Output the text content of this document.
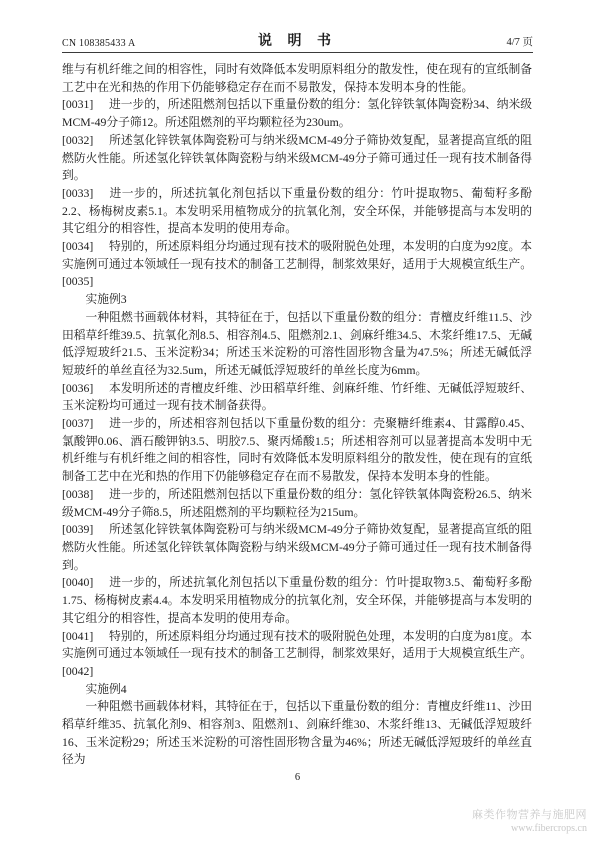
CN 108385433 A	说 明 书	4/7 页

维与有机纤维之间的相容性，同时有效降低本发明原料组分的散发性，使在现有的宣纸制备工艺中在光和热的作用下仍能够稳定存在而不易散发，保持本发明本身的性能。

[0031] 进一步的，所述阻燃剂包括以下重量份数的组分：氢化锌铁氧体陶瓷粉34、纳米级MCM-49分子筛12。所述阻燃剂的平均颗粒径为230um。

[0032] 所述氢化锌铁氧体陶瓷粉可与纳米级MCM-49分子筛协效复配，显著提高宣纸的阻燃防火性能。所述氢化锌铁氧体陶瓷粉与纳米级MCM-49分子筛可通过任一现有技术制备得到。

[0033] 进一步的，所述抗氧化剂包括以下重量份数的组分：竹叶提取物5、葡萄籽多酚2.2、杨梅树皮素5.1。本发明采用植物成分的抗氧化剂，安全环保，并能够提高与本发明的其它组分的相容性，提高本发明的使用寿命。

[0034] 特别的，所述原料组分均通过现有技术的吸附脱色处理，本发明的白度为92度。本实施例可通过本领域任一现有技术的制备工艺制得，制浆效果好，适用于大规模宣纸生产。

[0035]

实施例3

一种阻燃书画载体材料，其特征在于，包括以下重量份数的组分：青檀皮纤维11.5、沙田稻草纤维39.5、抗氧化剂8.5、相容剂4.5、阻燃剂2.1、剑麻纤维34.5、木浆纤维17.5、无碱低浮短玻纤21.5、玉米淀粉34；所述玉米淀粉的可溶性固形物含量为47.5%；所述无碱低浮短玻纤的单丝直径为32.5um，所述无碱低浮短玻纤的单丝长度为6mm。

[0036] 本发明所述的青檀皮纤维、沙田稻草纤维、剑麻纤维、竹纤维、无碱低浮短玻纤、玉米淀粉均可通过一现有技术制备获得。

[0037] 进一步的，所述相容剂包括以下重量份数的组分：壳聚糖纤维素4、甘露醇0.45、氯酸钾0.06、酒石酸钾钠3.5、明胶7.5、聚丙烯酸1.5；所述相容剂可以显著提高本发明中无机纤维与有机纤维之间的相容性，同时有效降低本发明原料组分的散发性，使在现有的宣纸制备工艺中在光和热的作用下仍能够稳定存在而不易散发，保持本发明本身的性能。

[0038] 进一步的，所述阻燃剂包括以下重量份数的组分：氢化锌铁氧体陶瓷粉26.5、纳米级MCM-49分子筛8.5，所述阻燃剂的平均颗粒径为215um。

[0039] 所述氢化锌铁氧体陶瓷粉可与纳米级MCM-49分子筛协效复配，显著提高宣纸的阻燃防火性能。所述氢化锌铁氧体陶瓷粉与纳米级MCM-49分子筛可通过任一现有技术制备得到。

[0040] 进一步的，所述抗氧化剂包括以下重量份数的组分：竹叶提取物3.5、葡萄籽多酚1.75、杨梅树皮素4.4。本发明采用植物成分的抗氧化剂，安全环保，并能够提高与本发明的其它组分的相容性，提高本发明的使用寿命。

[0041] 特别的，所述原料组分均通过现有技术的吸附脱色处理，本发明的白度为81度。本实施例可通过本领域任一现有技术的制备工艺制得，制浆效果好，适用于大规模宣纸生产。

[0042]

实施例4

一种阻燃书画载体材料，其特征在于，包括以下重量份数的组分：青檀皮纤维11、沙田稻草纤维35、抗氧化剂9、相容剂3、阻燃剂1、剑麻纤维30、木浆纤维13、无碱低浮短玻纤16、玉米淀粉29；所述玉米淀粉的可溶性固形物含量为46%；所述无碱低浮短玻纤的单丝直径为

6
麻类作物营养与施肥网
www.fibercrops.cn
